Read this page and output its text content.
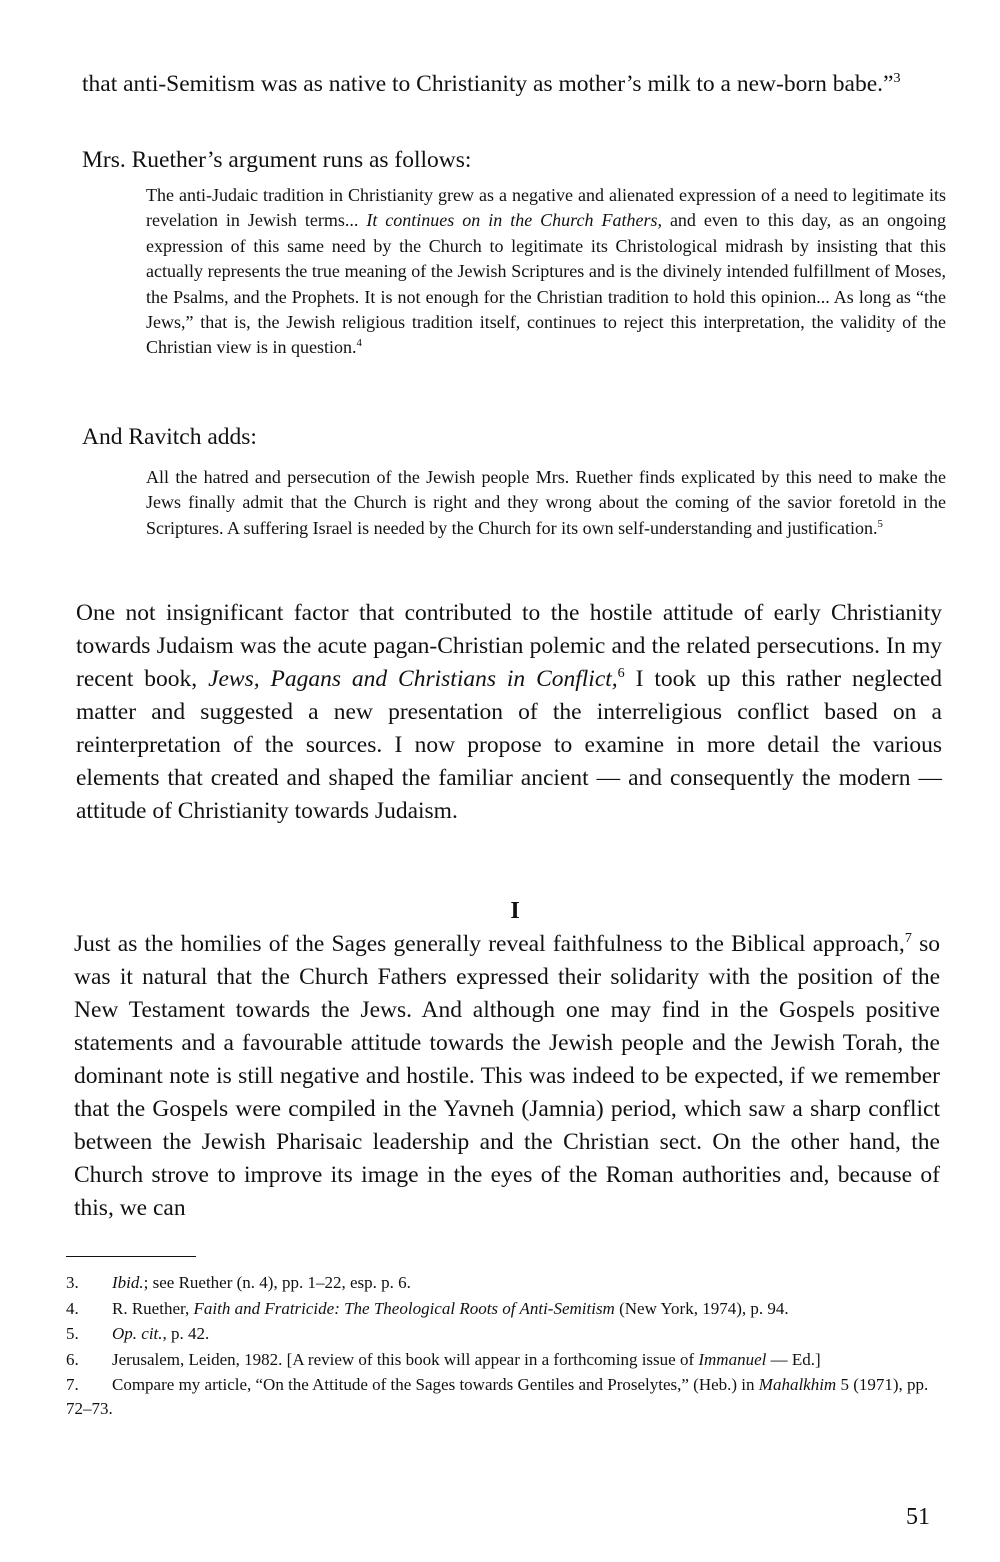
that anti-Semitism was as native to Christianity as mother’s milk to a new-born babe.”$^3$

Mrs. Ruether’s argument runs as follows:

The anti-Judaic tradition in Christianity grew as a negative and alienated expression of a need to legitimate its revelation in Jewish terms... It continues on in the Church Fathers, and even to this day, as an ongoing expression of this same need by the Church to legitimate its Christological midrash by insisting that this actually represents the true meaning of the Jewish Scriptures and is the divinely intended fulfillment of Moses, the Psalms, and the Prophets. It is not enough for the Christian tradition to hold this opinion... As long as “the Jews,” that is, the Jewish religious tradition itself, continues to reject this interpretation, the validity of the Christian view is in question.$^4$

And Ravitch adds:

All the hatred and persecution of the Jewish people Mrs. Ruether finds explicated by this need to make the Jews finally admit that the Church is right and they wrong about the coming of the savior foretold in the Scriptures. A suffering Israel is needed by the Church for its own self-understanding and justification.$^5$

One not insignificant factor that contributed to the hostile attitude of early Christianity towards Judaism was the acute pagan-Christian polemic and the related persecutions. In my recent book, Jews, Pagans and Christians in Conflict,$^6$ I took up this rather neglected matter and suggested a new presentation of the interreligious conflict based on a reinterpretation of the sources. I now propose to examine in more detail the various elements that created and shaped the familiar ancient — and consequently the modern — attitude of Christianity towards Judaism.

I

Just as the homilies of the Sages generally reveal faithfulness to the Biblical approach,$^7$ so was it natural that the Church Fathers expressed their solidarity with the position of the New Testament towards the Jews. And although one may find in the Gospels positive statements and a favourable attitude towards the Jewish people and the Jewish Torah, the dominant note is still negative and hostile. This was indeed to be expected, if we remember that the Gospels were compiled in the Yavneh (Jamnia) period, which saw a sharp conflict between the Jewish Pharisaic leadership and the Christian sect. On the other hand, the Church strove to improve its image in the eyes of the Roman authorities and, because of this, we can

3. Ibid.; see Ruether (n. 4), pp. 1–22, esp. p. 6.
4. R. Ruether, Faith and Fratricide: The Theological Roots of Anti-Semitism (New York, 1974), p. 94.
5. Op. cit., p. 42.
6. Jerusalem, Leiden, 1982. [A review of this book will appear in a forthcoming issue of Immanuel — Ed.]
7. Compare my article, “On the Attitude of the Sages towards Gentiles and Proselytes,” (Heb.) in Mahalkhim 5 (1971), pp. 72–73.
51
